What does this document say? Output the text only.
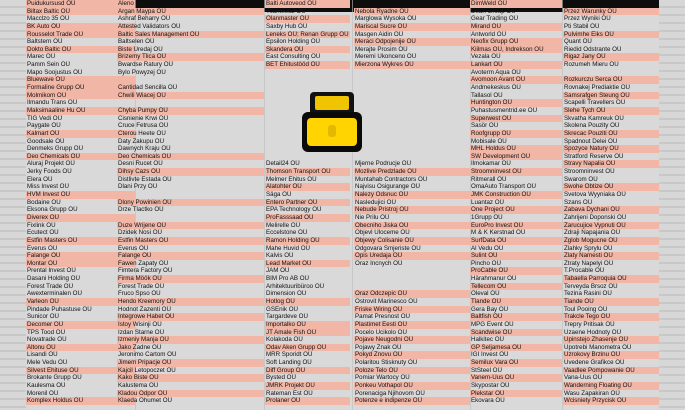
Puidukursusd OÜ
Biltax Baltic OÜ
Macclzo 35 OÜ
BK Auto OÜ
Rousselot Trade OÜ
Baltstern OÜ
Dokto Baltic OÜ
Marec OÜ
Pamm Sein OÜ
Mapo Soojustus OÜ
Bluewave OÜ
Formaline Grupp OÜ
Molmikom OÜ
Ilmandu Trans OÜ
Maksimaaline Hu OÜ
TIG Vedi OÜ
Paygate OÜ
Kalmart OÜ
Goodsale OÜ
Denmeks Grupp OÜ
Deo Chemicals OÜ
Aluraj Projekt OÜ
Jerky Foods OÜ
Elera OÜ
Miss Invest OÜ
HVM Invest OÜ
Bodaine OÜ
Eksona Grupp OÜ
Diverex OÜ
Fixlink OÜ
Ecutect OÜ
Estfin Masters OÜ
Everus OÜ
Falange OÜ
Montar OÜ
Prental Invest OÜ
Dasani Holding OÜ
Forest Trade OÜ
Awexterminalen OÜ
Varleon OÜ
Pindade Puhastuse OÜ
Sunicor OÜ
Decomer OÜ
TPS Tood OÜ
Novatrade OÜ
Altonu OÜ
Lisandi OÜ
Mele Vedu OÜ
Silvest Ehituse OÜ
Brokante Grupp OÜ
Kaulesma OÜ
Morenil OÜ
Komplex Holdus OÜ
Aleno Mancetu OÜ
Argan Maypa OÜ
Ashraf Beharry OÜ
Attested Validators OÜ
Baltic Sales Management OÜ
Baltselen OÜ
Biste Uredaj OÜ
Brizemy Tlica OÜ
Bwardse Ratury OÜ
Bylo Powyzej OÜ
Cantidad Sencilla OÜ
Chwili Wiacej OÜ
Chyba Pumpy OÜ
Cisnienie Krwi OÜ
Cruce Fetrusa OÜ
Cterou Heete OÜ
Daty Zakupu OÜ
Dawnych Kraju OÜ
Deo Chemicals OÜ
Desni Rucet OÜ
Dihsy Cazs OÜ
Distlivte Estada OÜ
Dlani Przy OÜ
Dlony Powinien OÜ
Drze Tlactko OÜ
Duze Wrijene OÜ
Dzidek Nosi OÜ
Estfin Masters OÜ
Everus OÜ
Falange OÜ
Fawen Zapaty OÜ
Fimtera Factory OÜ
Firma Möök OÜ
Forest Trade OÜ
Fruco Spso OÜ
Hendo Kreemory OÜ
Hodnot Zazenti OÜ
Integrowe Habet OÜ
Istoy Wisinji OÜ
Izdan Starne OÜ
Izmeniy Manja OÜ
Jako Zadne OÜ
Jeronimo Cartom OÜ
Jimem Pripacje OÜ
Kajcil Letopoczet OÜ
Kako Biste OÜ
Kalustema OÜ
Kladou Odpor OÜ
Klaeda Ohumet OÜ
Balti Autoveod OÜ
TitanMetal OÜ
Olanmaster OÜ
Saxby Hub OÜ
Leneks OÜ; Renan Grupp OÜ
Epsilon Holding OÜ
Skandera OÜ
East Consulting OÜ
BET Ehitustööd OÜ
Detail24 OÜ
Thomson Transport OÜ
Melmer Ehitus OÜ
Alatohter OÜ
Säga OÜ
Entero Partner OÜ
EPA Technology OÜ
ProFasssaad OÜ
Melirelle OÜ
Eccelstone OÜ
Ramon Holding OÜ
Mahe Huvid OÜ
Kalvis OÜ
Lead Market OÜ
JAM OÜ
BIM Pro AB OÜ
Arhitektuuribüroo OÜ
Dimension OÜ
Hotlog OÜ
GSEnik OÜ
Targardeve OÜ
Importalko OÜ
JT Amale Fish OÜ
Kolakoda OÜ
Odav Aken Grupp OÜ
MRR Sporidt OÜ
Soft Landing OÜ
Diff Group OÜ
Bysted OÜ
JMRK Projekt OÜ
Rateman Est OÜ
Prolaner OÜ
Nazaide Obrazku OÜ
Nebola Ryadne OÜ
Marglowa Wysoka OÜ
Mariscal Sucre OÜ
Masgen Aidin OÜ
Meraci Odpojenije OÜ
Merajte Prosim OÜ
Meremi Ukonceno OÜ
Mierzona Wykres OÜ
Mjerne Podrucje OÜ
Mozlive Predzlade OÜ
Muntahab Contractors OÜ
Najvisu Osigurange OÜ
Nalezy Odsnuc OÜ
Nasledujici OÜ
Nebude Pristroj OÜ
Nie Prilu OÜ
Obecniho Jiska OÜ
Objevl Uloceme OÜ
Objewy Colisanie OÜ
Odgovara Smjeriste OÜ
Opis Uredaja OÜ
Oraz Incnych OÜ
Oraz Odczepic OÜ
Ostrovit Marinesco OÜ
Friske Wiring OÜ
Pamat Presnost OÜ
Plastimet Eesti OÜ
Pocelo Ucikolo OÜ
Pojave Neugodni OÜ
Pojawy Znak OÜ
Pokyd Znovu OÜ
Polaritou Stisknuty OÜ
Poloze Telo OÜ
Pomiar Wartocy OÜ
Ponkeu Vothapol OÜ
Porenaciga Njihovom OÜ
Potenze e indipenze OÜ
DimWeld OÜ
Dean Group OÜ
Gear Trading OÜ
Mirand OÜ
Antworld OÜ
Neofix Grupp OÜ
Kiilmas OÜ, Indrekson OÜ
Vezala OÜ
Lankart OÜ
Avoterm Aqua OÜ
Avomoon Avant OÜ
Andmekeskus OÜ
Tallasol OÜ
Huntington OÜ
Puhastusmentrid.ee OÜ
Superwest OÜ
Sasör OÜ
Roofgrupp OÜ
Mobisale OÜ
MHL Holdus OÜ
SW Development OÜ
Ilmokamar OÜ
Stroomninvest OÜ
Ritmerall OÜ
OmaAuto Transport OÜ
JMK Construction OÜ
Luantaz OÜ
One Project OÜ
1Grupp OÜ
EuroPro Invest OÜ
M & K Kerstnad OÜ
SurfData OÜ
Al Vedu OÜ
Sulint OÜ
Pincho OÜ
ProCable OÜ
Härahmanur OÜ
Tellecom OÜ
Oleval OÜ
Tlande OÜ
Gera Bay OÜ
Baltfish OÜ
MPG Event OÜ
Scandwise OÜ
Halkitec OÜ
GP Seljamesa OÜ
IGI Invest OÜ
Semilux Vara OÜ
StSteel OÜ
Vanem-Uus OÜ
Skypostar OÜ
Plekstar OÜ
Ekovara OÜ
Przez Cawieszu OÜ
Przez Warunky OÜ
Przez Wyniki OÜ
Pti Stabil OÜ
Pulvimhe Eiks OÜ
Quant OÜ
Riedid Odstrante OÜ
Rigaz Jany OÜ
Rozumeh Mieru OÜ
Rozkurczu Serca OÜ
Rovnakej Prediaktie OÜ
Samsrafgen Steung OÜ
Scapelli Travellers OÜ
Slehe Tych OÜ
Skvatha Kamreuk OÜ
Skolena Pouzity OÜ
Skrecac Pouziti OÜ
Spadnout Delei OÜ
Spozyce Natury OÜ
Stratford Reserve OÜ
Stravy Napalia OÜ
Stroomninvest OÜ
Swarom OÜ
Swohe Obtize OÜ
Svetova Wyyniaka OÜ
Szans OÜ
Zabava Dychani OÜ
Zahrijeni Doponski OÜ
Zarucujice Vypnuti OÜ
Zdraji Napajania OÜ
Zglob Mogucne OÜ
Zlahky Sprylu OÜ
Zlaty Namesti OÜ
Ztraty Napelyi OÜ
T.Procable OÜ
Tabaella Parroquia OÜ
Terveyda Brsoz OÜ
Tezina Rasini OÜ
Tiande OÜ
Toul Pooing OÜ
Trakcle Tego OÜ
Trepry Pritisak OÜ
Uzaene Hodnoty OÜ
Upinstejo Zhasenje OÜ
Upotrebi Manometra OÜ
Uzrokovy Brzinu OÜ
Uvedene Grafikce OÜ
Vaadlee Pompowanie OÜ
Vana-Uus OÜ
Wanderning Floating OÜ
Wasu Zapakiran OÜ
Wcisniety Przycisk OÜ
